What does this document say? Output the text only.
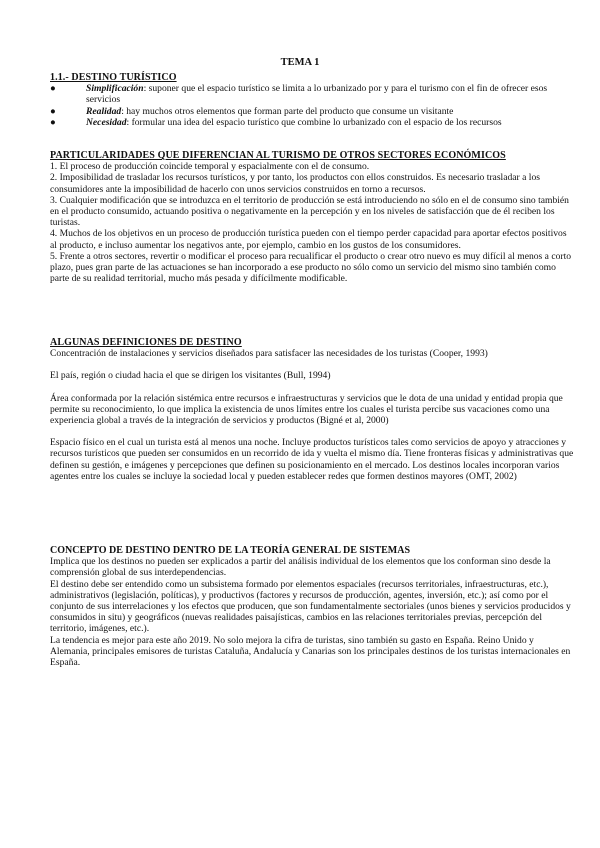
TEMA 1
1.1.- DESTINO TURÍSTICO
●	Simplificación: suponer que el espacio turístico se limita a lo urbanizado por y para el turismo con el fin de ofrecer esos servicios
●	Realidad: hay muchos otros elementos que forman parte del producto que consume un visitante
●	Necesidad: formular una idea del espacio turístico que combine lo urbanizado con el espacio de los recursos
PARTICULARIDADES QUE DIFERENCIAN AL TURISMO DE OTROS SECTORES ECONÓMICOS

1. El proceso de producción coincide temporal y espacialmente con el de consumo.

2. Imposibilidad de trasladar los recursos turísticos, y por tanto, los productos con ellos construidos. Es necesario trasladar a los consumidores ante la imposibilidad de hacerlo con unos servicios construidos en torno a recursos.

3. Cualquier modificación que se introduzca en el territorio de producción se está introduciendo no sólo en el de consumo sino también en el producto consumido, actuando positiva o negativamente en la percepción y en los niveles de satisfacción que de él reciben los turistas.

4. Muchos de los objetivos en un proceso de producción turística pueden con el tiempo perder capacidad para aportar efectos positivos al producto, e incluso aumentar los negativos ante, por ejemplo, cambio en los gustos de los consumidores.

5. Frente a otros sectores, revertir o modificar el proceso para recualificar el producto o crear otro nuevo es muy difícil al menos a corto plazo, pues gran parte de las actuaciones se han incorporado a ese producto no sólo como un servicio del mismo sino también como parte de su realidad territorial, mucho más pesada y difícilmente modificable.

ALGUNAS DEFINICIONES DE DESTINO

Concentración de instalaciones y servicios diseñados para satisfacer las necesidades de los turistas (Cooper, 1993)

El país, región o ciudad hacia el que se dirigen los visitantes (Bull, 1994)

Área conformada por la relación sistémica entre recursos e infraestructuras y servicios que le dota de una unidad y entidad propia que permite su reconocimiento, lo que implica la existencia de unos límites entre los cuales el turista percibe sus vacaciones como una experiencia global a través de la integración de servicios y productos (Bigné et al, 2000)

Espacio físico en el cual un turista está al menos una noche. Incluye productos turísticos tales como servicios de apoyo y atracciones y recursos turísticos que pueden ser consumidos en un recorrido de ida y vuelta el mismo día. Tiene fronteras físicas y administrativas que definen su gestión, e imágenes y percepciones que definen su posicionamiento en el mercado. Los destinos locales incorporan varios agentes entre los cuales se incluye la sociedad local y pueden establecer redes que formen destinos mayores (OMT, 2002)

CONCEPTO DE DESTINO DENTRO DE LA TEORÍA GENERAL DE SISTEMAS

Implica que los destinos no pueden ser explicados a partir del análisis individual de los elementos que los conforman sino desde la comprensión global de sus interdependencias.

El destino debe ser entendido como un subsistema formado por elementos espaciales (recursos territoriales, infraestructuras, etc.), administrativos (legislación, políticas), y productivos (factores y recursos de producción, agentes, inversión, etc.); así como por el conjunto de sus interrelaciones y los efectos que producen, que son fundamentalmente sectoriales (unos bienes y servicios producidos y consumidos in situ) y geográficos (nuevas realidades paisajísticas, cambios en las relaciones territoriales previas, percepción del territorio, imágenes, etc.).

La tendencia es mejor para este año 2019. No solo mejora la cifra de turistas, sino también su gasto en España. Reino Unido y Alemania, principales emisores de turistas Cataluña, Andalucía y Canarias son los principales destinos de los turistas internacionales en España.
